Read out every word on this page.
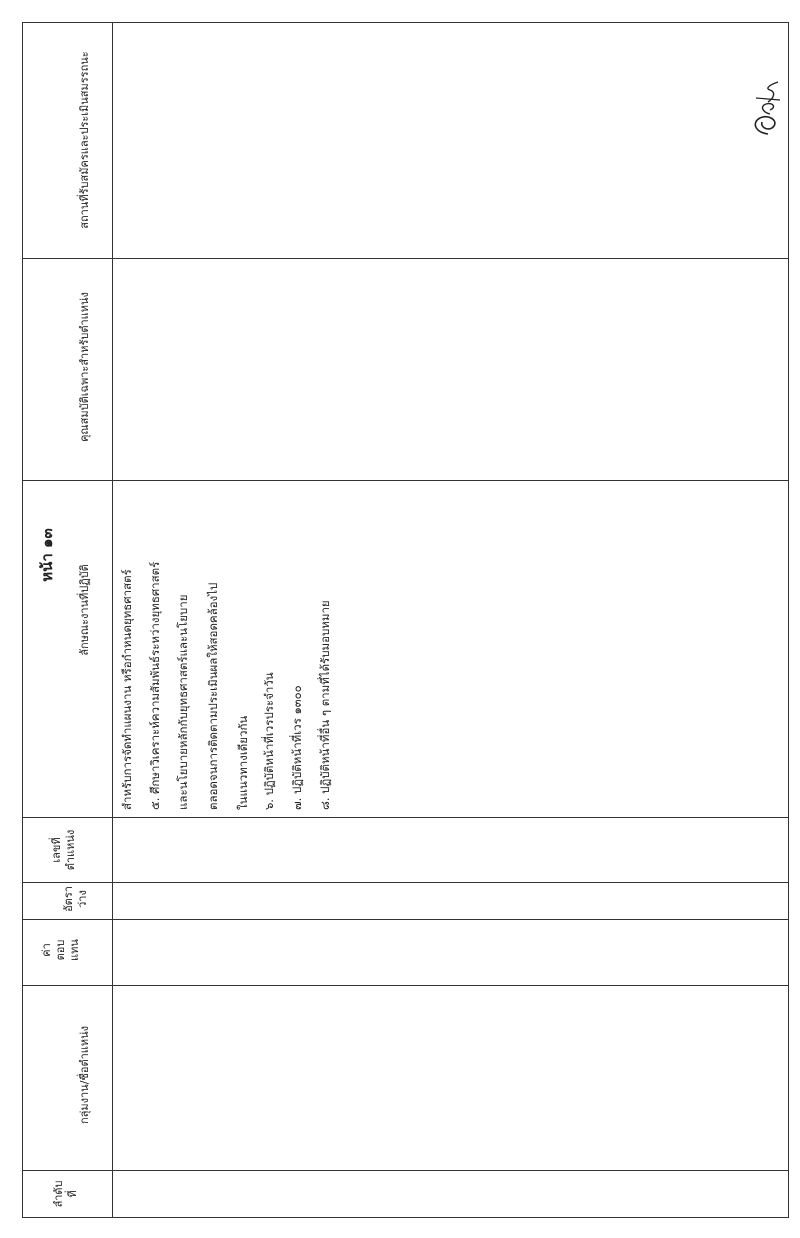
หน้า ๑๓
สถานที่รับสมัครและประเมินสมรรถนะ
คุณสมบัติเฉพาะสำหรับตำแหน่ง
ลักษณะงานที่ปฏิบัติ
เลขที่
ตำแหน่ง
อัตรา
ว่าง
ค่า
ตอบ
แทน
กลุ่มงาน/ชื่อตำแหน่ง
ลำดับ
ที่
สำหรับการจัดทำแผนงาน หรือกำหนดยุทธศาสตร์ ๕. ศึกษาวิเคราะห์ความสัมพันธ์ระหว่างยุทธศาสตร์ และนโยบายหลักกับยุทธศาสตร์และนโยบาย ตลอดจนการติดตามประเมินผลให้สอดคล้องไป ในแนวทางเดียวกัน ๖. ปฏิบัติหน้าที่เวรประจำวัน ๗. ปฏิบัติหน้าที่เวร ๑๓๐๐ ๘. ปฏิบัติหน้าที่อื่น ๆ ตามที่ได้รับมอบหมาย
